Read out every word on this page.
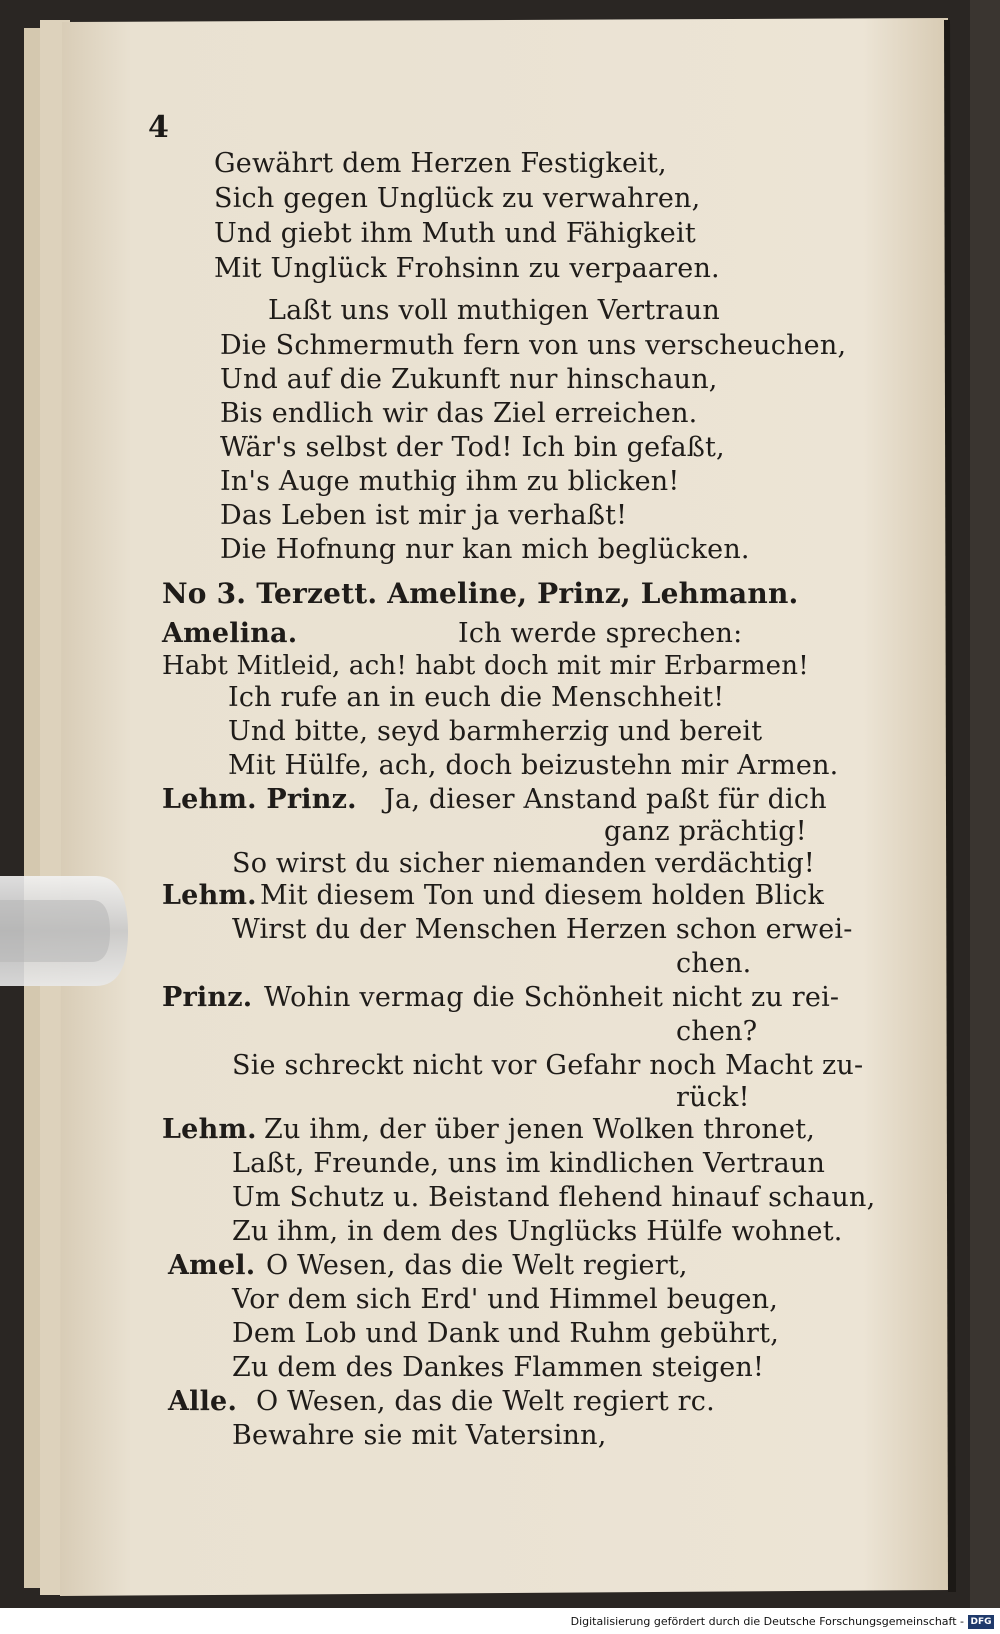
4
Gewährt dem Herzen Festigkeit,
Sich gegen Unglück zu verwahren,
Und giebt ihm Muth und Fähigkeit
Mit Unglück Frohsinn zu verpaaren.
Laßt uns voll muthigen Vertraun
Die Schmermuth fern von uns verscheuchen,
Und auf die Zukunft nur hinschaun,
Bis endlich wir das Ziel erreichen.
Wär's selbst der Tod! Ich bin gefaßt,
In's Auge muthig ihm zu blicken!
Das Leben ist mir ja verhaßt!
Die Hofnung nur kan mich beglücken.
No 3. Terzett. Ameline, Prinz, Lehmann.
Amelina.	Ich werde sprechen:
Habt Mitleid, ach! habt doch mit mir Erbarmen!
Ich rufe an in euch die Menschheit!
Und bitte, seyd barmherzig und bereit
Mit Hülfe, ach, doch beizustehn mir Armen.
Lehm. Prinz. Ja, dieser Anstand paßt für dich
ganz prächtig!
So wirst du sicher niemanden verdächtig!
Lehm. Mit diesem Ton und diesem holden Blick
Wirst du der Menschen Herzen schon erwei-
chen.
Prinz. Wohin vermag die Schönheit nicht zu rei-
chen?
Sie schreckt nicht vor Gefahr noch Macht zu-
rück!
Lehm. Zu ihm, der über jenen Wolken thronet,
Laßt, Freunde, uns im kindlichen Vertraun
Um Schutz u. Beistand flehend hinauf schaun,
Zu ihm, in dem des Unglücks Hülfe wohnet.
Amel. O Wesen, das die Welt regiert,
Vor dem sich Erd' und Himmel beugen,
Dem Lob und Dank und Ruhm gebührt,
Zu dem des Dankes Flammen steigen!
Alle. O Wesen, das die Welt regiert rc.
Bewahre sie mit Vatersinn,
Digitalisierung gefördert durch die Deutsche Forschungsgemeinschaft - DFG
